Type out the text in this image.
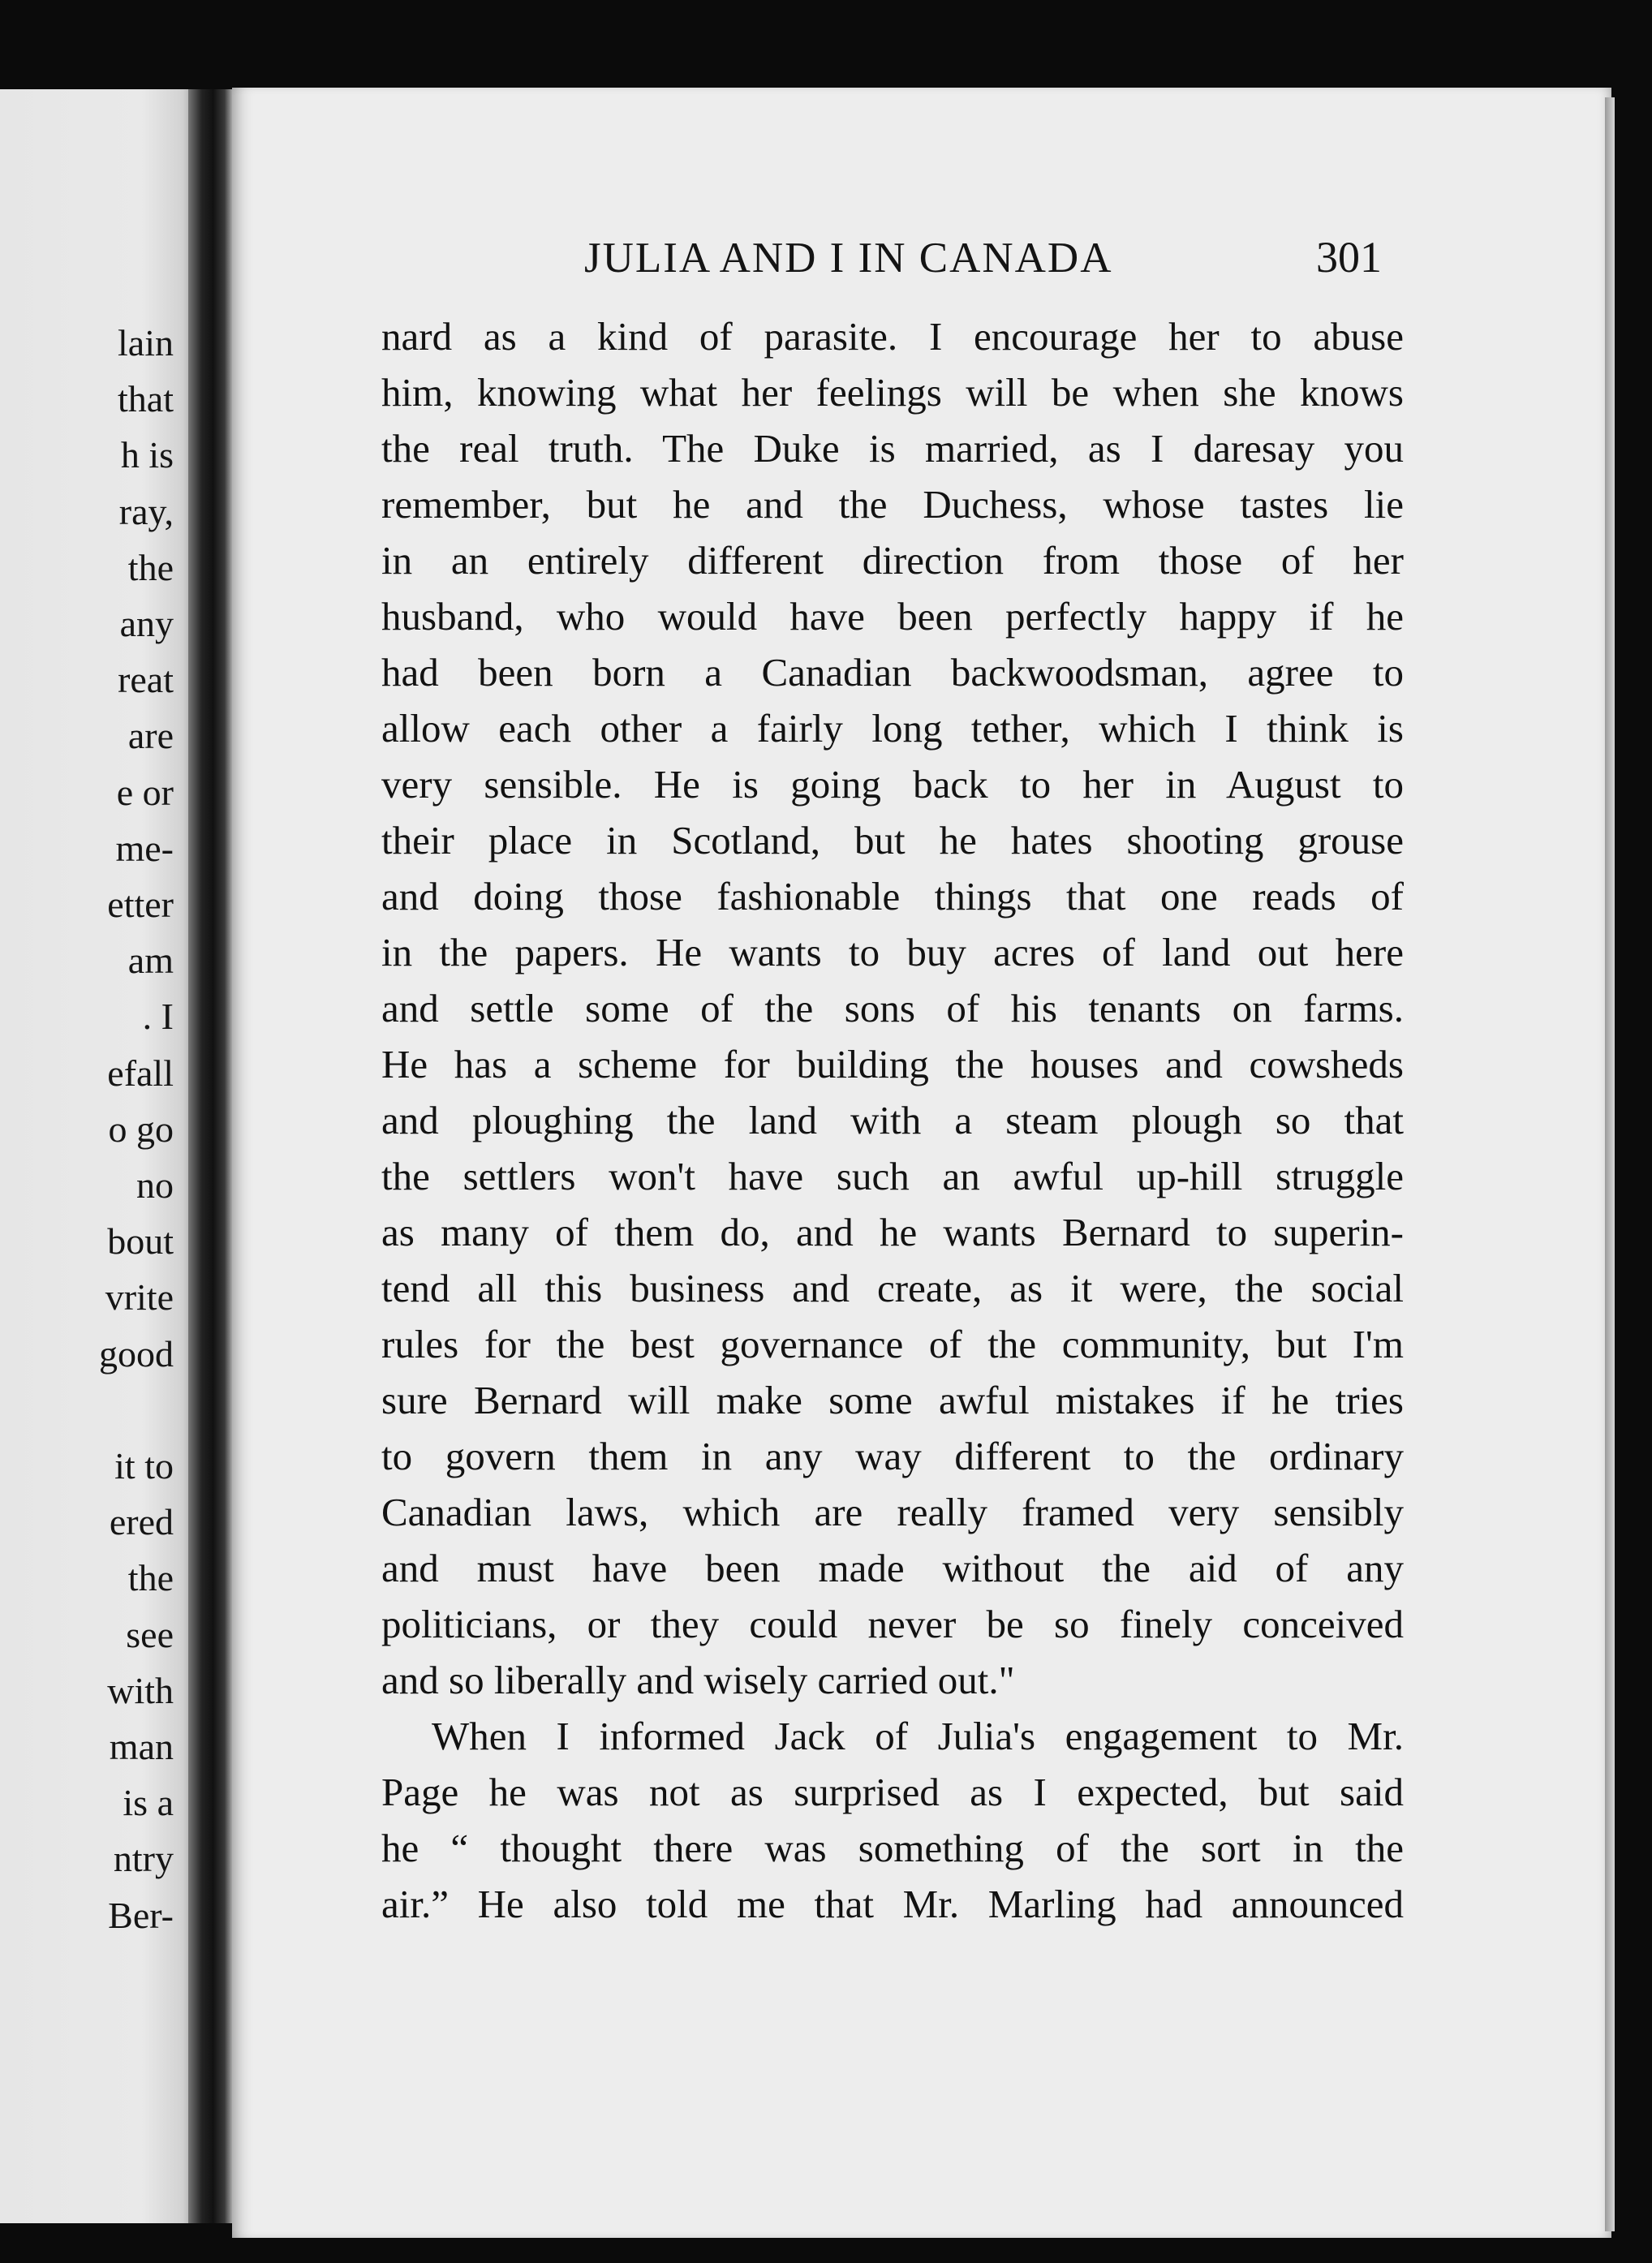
lain
that
h is
ray,
the
any
reat
are
e or
me-
etter
am
. I
efall
o go
no
bout
vrite
good
it to
ered
the
see
with
man
is a
ntry
Ber-
JULIA AND I IN CANADA	301
nard as a kind of parasite. I encourage her to abuse
him, knowing what her feelings will be when she knows
the real truth. The Duke is married, as I daresay you
remember, but he and the Duchess, whose tastes lie
in an entirely different direction from those of her
husband, who would have been perfectly happy if he
had been born a Canadian backwoodsman, agree to
allow each other a fairly long tether, which I think is
very sensible. He is going back to her in August to
their place in Scotland, but he hates shooting grouse
and doing those fashionable things that one reads of
in the papers. He wants to buy acres of land out here
and settle some of the sons of his tenants on farms.
He has a scheme for building the houses and cowsheds
and ploughing the land with a steam plough so that
the settlers won't have such an awful up-hill struggle
as many of them do, and he wants Bernard to superin-
tend all this business and create, as it were, the social
rules for the best governance of the community, but I'm
sure Bernard will make some awful mistakes if he tries
to govern them in any way different to the ordinary
Canadian laws, which are really framed very sensibly
and must have been made without the aid of any
politicians, or they could never be so finely conceived
and so liberally and wisely carried out."
When I informed Jack of Julia's engagement to Mr.
Page he was not as surprised as I expected, but said
he “ thought there was something of the sort in the
air.” He also told me that Mr. Marling had announced
